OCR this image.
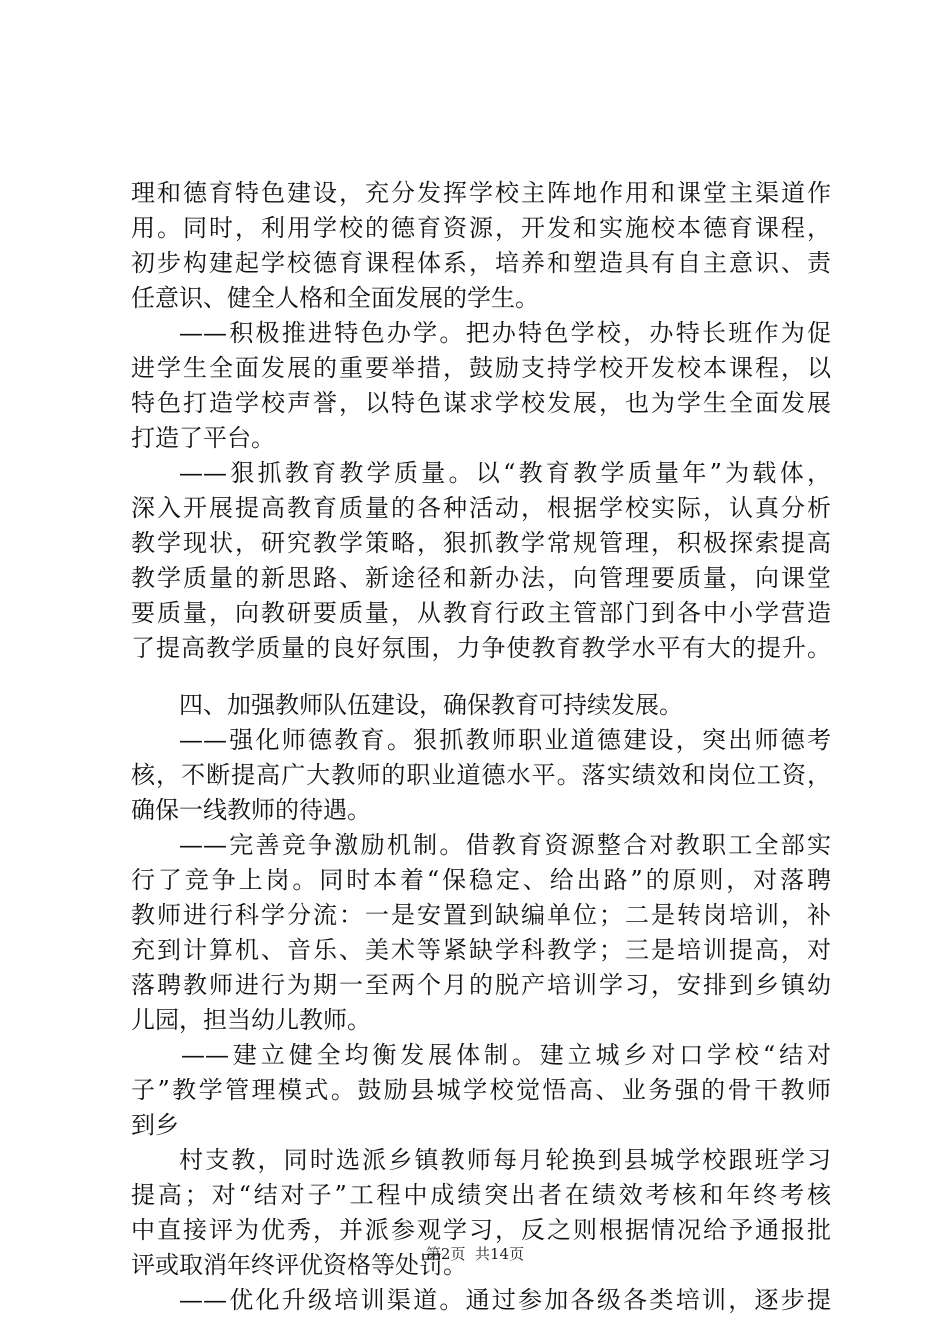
理和德育特色建设，充分发挥学校主阵地作用和课堂主渠道作
用。同时，利用学校的德育资源，开发和实施校本德育课程，
初步构建起学校德育课程体系，培养和塑造具有自主意识、责
任意识、健全人格和全面发展的学生。
——积极推进特色办学。把办特色学校，办特长班作为促
进学生全面发展的重要举措，鼓励支持学校开发校本课程，以
特色打造学校声誉，以特色谋求学校发展，也为学生全面发展
打造了平台。
——狠抓教育教学质量。以“教育教学质量年”为载体，
深入开展提高教育质量的各种活动，根据学校实际，认真分析
教学现状，研究教学策略，狠抓教学常规管理，积极探索提高
教学质量的新思路、新途径和新办法，向管理要质量，向课堂
要质量，向教研要质量，从教育行政主管部门到各中小学营造
了提高教学质量的良好氛围，力争使教育教学水平有大的提升。
四、加强教师队伍建设，确保教育可持续发展。
——强化师德教育。狠抓教师职业道德建设，突出师德考
核，不断提高广大教师的职业道德水平。落实绩效和岗位工资，
确保一线教师的待遇。
——完善竞争激励机制。借教育资源整合对教职工全部实
行了竞争上岗。同时本着“保稳定、给出路”的原则，对落聘
教师进行科学分流：一是安置到缺编单位；二是转岗培训，补
充到计算机、音乐、美术等紧缺学科教学；三是培训提高，对
落聘教师进行为期一至两个月的脱产培训学习，安排到乡镇幼
儿园，担当幼儿教师。
——建立健全均衡发展体制。建立城乡对口学校“结对
子”教学管理模式。鼓励县城学校觉悟高、业务强的骨干教师
到乡
村支教，同时选派乡镇教师每月轮换到县城学校跟班学习
提高；对“结对子”工程中成绩突出者在绩效考核和年终考核
中直接评为优秀，并派参观学习，反之则根据情况给予通报批
评或取消年终评优资格等处罚。
——优化升级培训渠道。通过参加各级各类培训，逐步提
第2页  共14页
